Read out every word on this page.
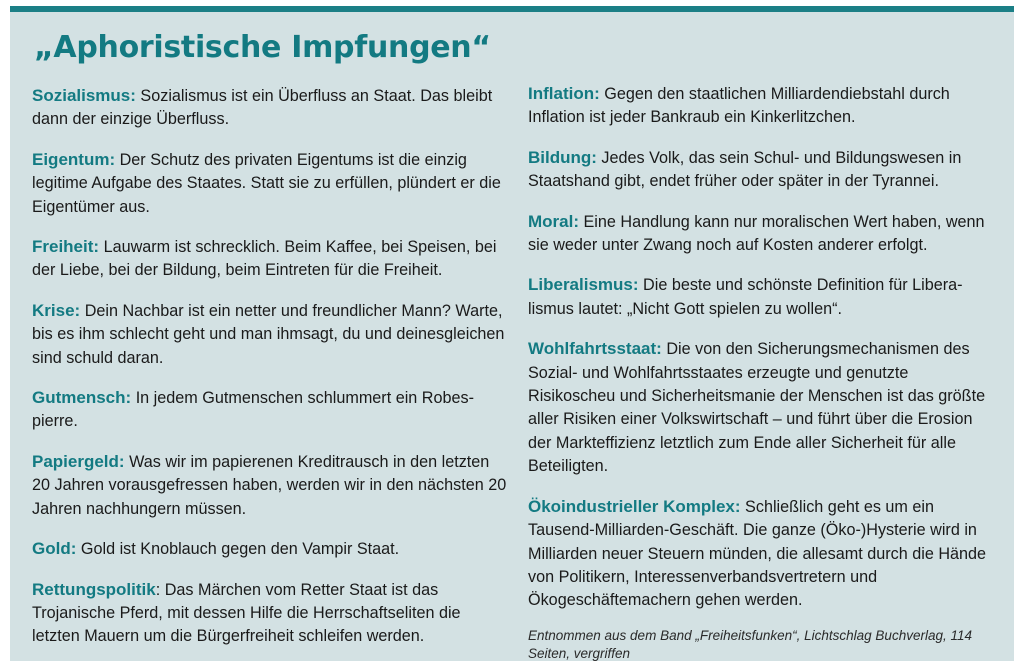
„Aphoristische Impfungen“

Sozialismus: Sozialismus ist ein Überfluss an Staat. Das bleibt dann der einzige Überfluss.

Eigentum: Der Schutz des privaten Eigentums ist die einzig legitime Aufgabe des Staates. Statt sie zu erfüllen, plündert er die Eigentümer aus.

Freiheit: Lauwarm ist schrecklich. Beim Kaffee, bei Speisen, bei der Liebe, bei der Bildung, beim Eintreten für die Freiheit.

Krise: Dein Nachbar ist ein netter und freundlicher Mann? Warte, bis es ihm schlecht geht und man ihmsagt, du und deinesgleichen sind schuld daran.

Gutmensch: In jedem Gutmenschen schlummert ein Robes-pierre.

Papiergeld: Was wir im papierenen Kreditrausch in den letzten 20 Jahren vorausgefressen haben, werden wir in den nächsten 20 Jahren nachhungern müssen.

Gold: Gold ist Knoblauch gegen den Vampir Staat.

Rettungspolitik: Das Märchen vom Retter Staat ist das Trojanische Pferd, mit dessen Hilfe die Herrschaftseliten die letzten Mauern um die Bürgerfreiheit schleifen werden.

Inflation: Gegen den staatlichen Milliardendiebstahl durch Inflation ist jeder Bankraub ein Kinkerlitzchen.

Bildung: Jedes Volk, das sein Schul- und Bildungswesen in Staatshand gibt, endet früher oder später in der Tyrannei.

Moral: Eine Handlung kann nur moralischen Wert haben, wenn sie weder unter Zwang noch auf Kosten anderer erfolgt.

Liberalismus: Die beste und schönste Definition für Libera-lismus lautet: „Nicht Gott spielen zu wollen“.

Wohlfahrtsstaat: Die von den Sicherungsmechanismen des Sozial- und Wohlfahrtsstaates erzeugte und genutzte Risikoscheu und Sicherheitsmanie der Menschen ist das größte aller Risiken einer Volkswirtschaft – und führt über die Erosion der Markteffizienz letztlich zum Ende aller Sicherheit für alle Beteiligten.

Ökoindustrieller Komplex: Schließlich geht es um ein Tausend-Milliarden-Geschäft. Die ganze (Öko-)Hysterie wird in Milliarden neuer Steuern münden, die allesamt durch die Hände von Politikern, Interessenverbandsvertretern und Ökogeschäftemachern gehen werden.

Entnommen aus dem Band „Freiheitsfunken“, Lichtschlag Buchverlag, 114 Seiten, vergriffen
